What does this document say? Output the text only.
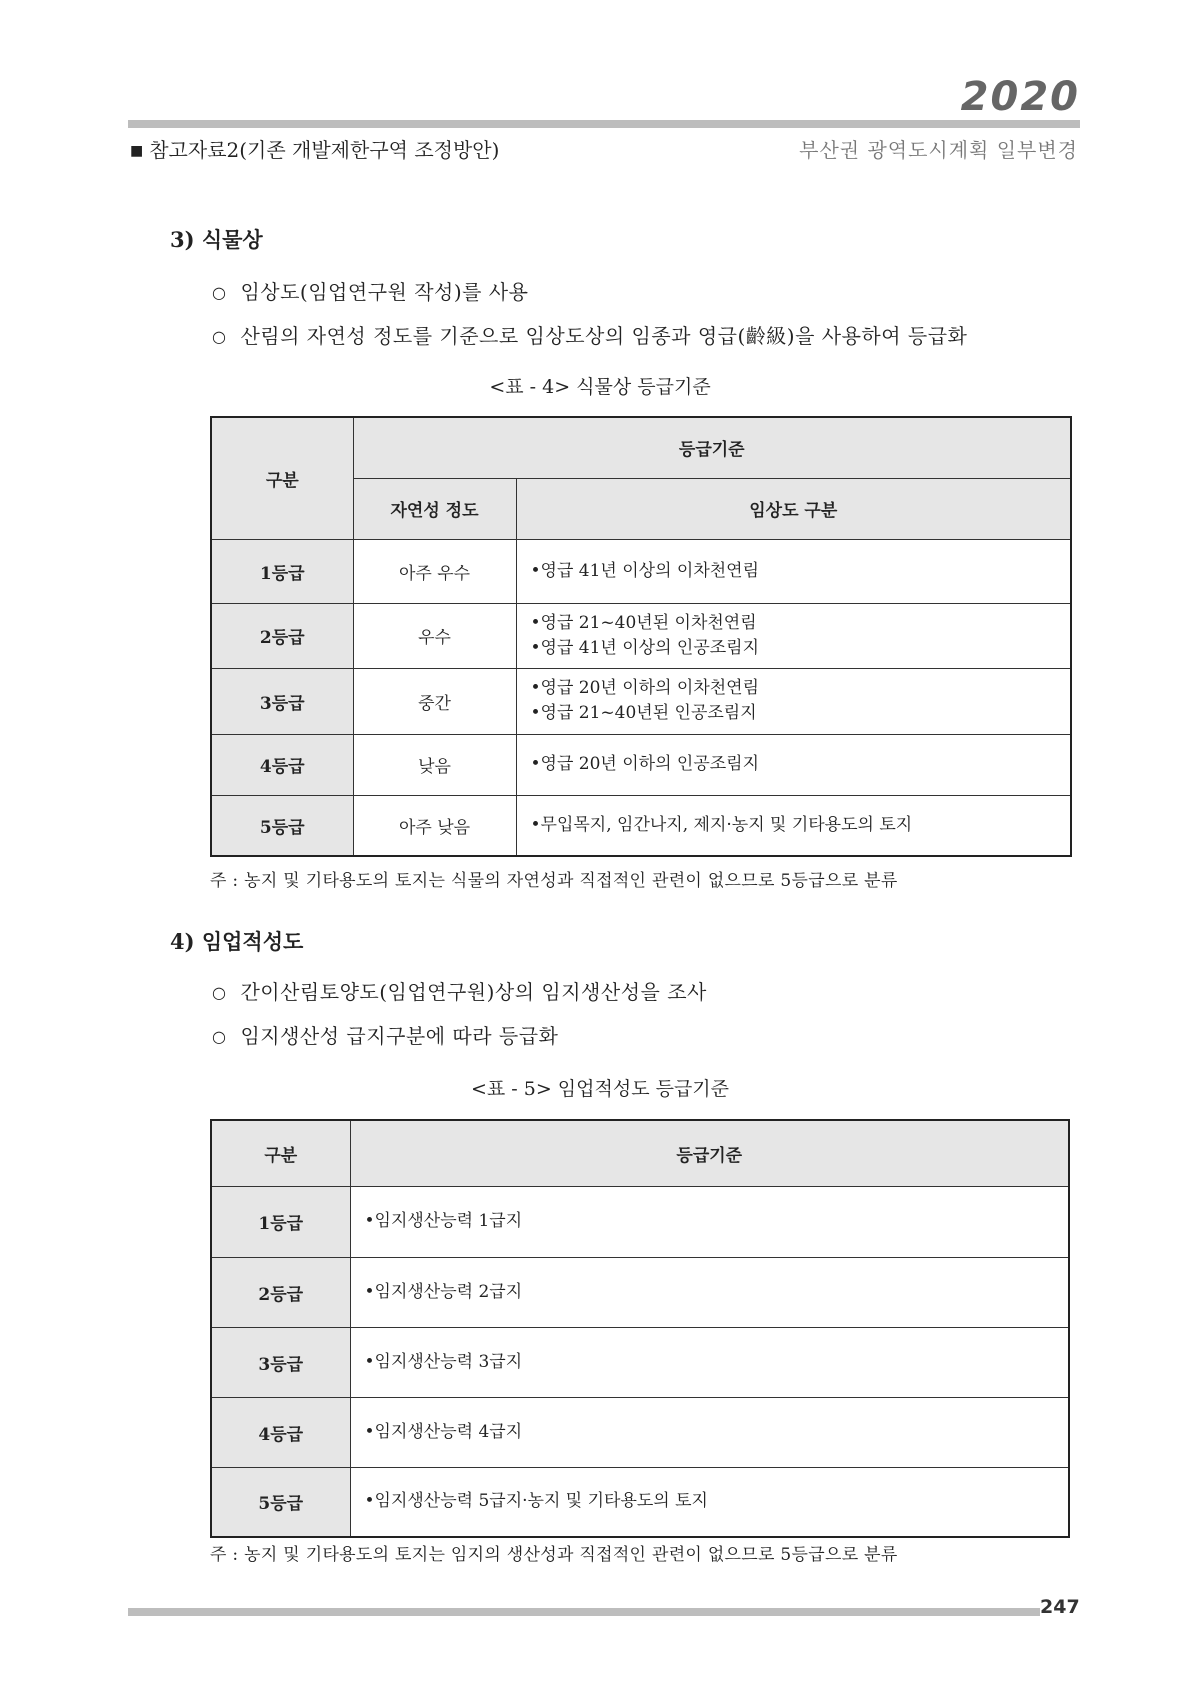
2020
■ 참고자료2(기존 개발제한구역 조정방안)	부산권 광역도시계획 일부변경
3) 식물상
○ 임상도(임업연구원 작성)를 사용
○ 산림의 자연성 정도를 기준으로 임상도상의 임종과 영급(齡級)을 사용하여 등급화
<표 - 4> 식물상 등급기준
구분	등급기준	
	자연성 정도	임상도 구분
1등급	아주 우수	•영급 41년 이상의 이차천연림

2등급	우수	•영급 21~40년된 이차천연림
•영급 41년 이상의 인공조림지

3등급	중간	•영급 20년 이하의 이차천연림
•영급 21~40년된 인공조림지

4등급	낮음	•영급 20년 이하의 인공조림지

5등급	아주 낮음	•무입목지, 임간나지, 제지·농지 및 기타용도의 토지
주 : 농지 및 기타용도의 토지는 식물의 자연성과 직접적인 관련이 없으므로 5등급으로 분류
4) 임업적성도
○ 간이산림토양도(임업연구원)상의 임지생산성을 조사
○ 임지생산성 급지구분에 따라 등급화
<표 - 5> 임업적성도 등급기준
구분	등급기준
1등급	•임지생산능력 1급지
2등급	•임지생산능력 2급지
3등급	•임지생산능력 3급지
4등급	•임지생산능력 4급지
5등급	•임지생산능력 5급지·농지 및 기타용도의 토지
주 : 농지 및 기타용도의 토지는 임지의 생산성과 직접적인 관련이 없으므로 5등급으로 분류
247
